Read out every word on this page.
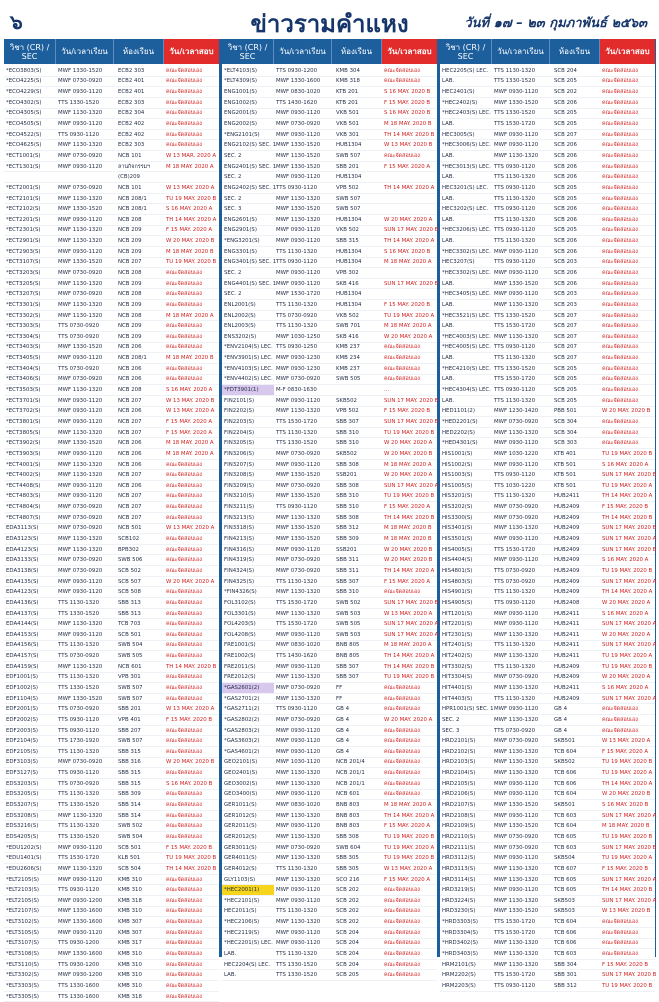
๖	ข่าวรามคำแหง	วันที่ ๑๗ – ๒๓ กุมภาพันธ์ ๒๕๖๓
วิชา (CR) / SEC	วัน/เวลาเรียน	ห้องเรียน	วัน/เวลาสอบ
*ECO3803(S)	MWF 1330-1520	ECB2 303	คณะจัดสอบเอง
*ECO4225(S)	MWF 0730-0920	ECB2 401	คณะจัดสอบเอง
*ECO4229(S)	MWF 0930-1120	ECB2 401	คณะจัดสอบเอง
*ECO4302(S)	TTS 1330-1520	ECB2 303	คณะจัดสอบเอง
*ECO4305(S)	MWF 1130-1320	ECB2 304	คณะจัดสอบเอง
*ECO4505(S)	MWF 0930-1120	ECB2 402	คณะจัดสอบเอง
*ECO4522(S)	TTS 0930-1120	ECB2 402	คณะจัดสอบเอง
*ECO4625(S)	MWF 1130-1320	ECB2 303	คณะจัดสอบเอง
*ECT1001(S)	MWF 0730-0920	NCB 101	W 13 MAR. 2020 A
*ECT1301(S)	MWF 0930-1120	ลานกิจกรรมฯ	M 18 MAY. 2020 A
(CB)209
*ECT2001(S)	MWF 0730-0920	NCB 101	W 13 MAY. 2020 A
*ECT2101(S)	MWF 1130-1320	NCB 208/1	TU 19 MAY. 2020 B
*ECT2102(S)	MWF 1330-1520	NCB 208/1	S 16 MAY. 2020 A
*ECT2201(S)	MWF 0930-1120	NCB 208	TH 14 MAY. 2020 A
*ECT2301(S)	MWF 1130-1320	NCB 209	F 15 MAY. 2020 A
*ECT2901(S)	MWF 1130-1320	NCB 209	W 20 MAY. 2020 B
*ECT2903(S)	MWF 0930-1120	NCB 209	M 18 MAY. 2020 B
*ECT3107(S)	MWF 1330-1520	NCB 207	TU 19 MAY. 2020 B
*ECT3203(S)	MWF 0730-0920	NCB 208	คณะจัดสอบเอง
*ECT3205(S)	MWF 1130-1320	NCB 209	คณะจัดสอบเอง
*ECT3207(S)	MWF 0730-0920	NCB 208	คณะจัดสอบเอง
*ECT3301(S)	MWF 1130-1320	NCB 209	คณะจัดสอบเอง
*ECT3302(S)	MWF 1130-1320	NCB 208	M 18 MAY. 2020 A
*ECT3303(S)	TTS 0730-0920	NCB 209	คณะจัดสอบเอง
*ECT3304(S)	TTS 0730-0920	NCB 209	คณะจัดสอบเอง
*ECT3403(S)	MWF 1330-1520	NCB 206	คณะจัดสอบเอง
*ECT3405(S)	MWF 0930-1120	NCB 208/1	M 18 MAY. 2020 B
*ECT3404(S)	TTS 0730-0920	NCB 206	คณะจัดสอบเอง
*ECT3406(S)	MWF 0730-0920	NCB 206	คณะจัดสอบเอง
*ECT3503(S)	MWF 1130-1320	NCB 208	S 16 MAY. 2020 A
*ECT3701(S)	MWF 0930-1120	NCB 207	W 13 MAY. 2020 B
*ECT3702(S)	MWF 0930-1120	NCB 206	W 13 MAY. 2020 A
*ECT3801(S)	MWF 0930-1120	NCB 207	F 15 MAY. 2020 A
*ECT3805(S)	MWF 1130-1320	NCB 207	F 15 MAY. 2020 A
*ECT3902(S)	MWF 1330-1520	NCB 206	M 18 MAY. 2020 A
*ECT3903(S)	MWF 0930-1120	NCB 206	M 18 MAY. 2020 A
*ECT4001(S)	MWF 1130-1320	NCB 206	คณะจัดสอบเอง
*ECT4002(S)	MWF 1130-1320	NCB 207	คณะจัดสอบเอง
*ECT4408(S)	MWF 0930-1120	NCB 206	คณะจัดสอบเอง
*ECT4803(S)	MWF 0930-1120	NCB 207	คณะจัดสอบเอง
*ECT4804(S)	MWF 0730-0920	NCB 207	คณะจัดสอบเอง
*ECT4807(S)	MWF 0730-0920	NCB 207	คณะจัดสอบเอง
EDA3113(S)	MWF 0730-0920	NCB 501	W 13 MAY. 2020 A
EDA3123(S)	MWF 1130-1320	SCB102	คณะจัดสอบเอง
EDA4123(S)	MWF 1130-1320	BPB302	คณะจัดสอบเอง
EDA3133(S)	MWF 0730-0920	SWB 506	คณะจัดสอบเอง
EDA3138(S)	MWF 0730-0920	SCB 502	คณะจัดสอบเอง
EDA4135(S)	MWF 0930-1120	SCB 507	W 20 MAY. 2020 A
EDA4123(S)	MWF 0930-1120	SCB 508	คณะจัดสอบเอง
EDA4136(S)	TTS 1130-1320	SBB 313	คณะจัดสอบเอง
EDA4137(S)	TTS 1330-1520	SBB 313	คณะจัดสอบเอง
EDA4144(S)	MWF 1130-1320	TCB 703	คณะจัดสอบเอง
EDA4153(S)	MWF 0930-1120	SCB 501	คณะจัดสอบเอง
EDA4156(S)	TTS 1130-1320	SWB 504	คณะจัดสอบเอง
EDA4157(S)	TTS 0730-0920	SWB 505	คณะจัดสอบเอง
EDA4159(S)	MWF 1130-1320	NCB 601	TH 14 MAY. 2020 B
EDF1001(S)	TTS 1130-1320	VPB 301	คณะจัดสอบเอง
EDF1002(S)	TTS 1330-1520	SWB 507	คณะจัดสอบเอง
EDF1104(S)	MWF 1330-1520	SWB 507	คณะจัดสอบเอง
EDF2001(S)	TTS 0730-0920	SBB 201	W 13 MAY. 2020 A
EDF2002(S)	TTS 0930-1120	VPB 401	F 15 MAY. 2020 B
EDF2003(S)	TTS 0930-1120	SBB 207	คณะจัดสอบเอง
EDF2104(S)	TTS 1730-1920	SWB 507	คณะจัดสอบเอง
EDF2105(S)	TTS 1130-1320	SBB 315	คณะจัดสอบเอง
EDF3103(S)	MWF 0730-0920	SBB 316	W 20 MAY. 2020 B
EDF3127(S)	TTS 0930-1120	SBB 315	คณะจัดสอบเอง
EDS3203(S)	TTS 0730-0920	SBB 315	S 16 MAY. 2020 B
EDS3205(S)	TTS 1130-1320	SBB 309	คณะจัดสอบเอง
EDS3207(S)	TTS 1330-1520	SBB 314	คณะจัดสอบเอง
EDS3208(S)	MWF 1130-1320	SBB 314	คณะจัดสอบเอง
EDS3216(S)	TTS 1130-1320	SWB 502	คณะจัดสอบเอง
EDS4205(S)	TTS 1330-1520	SWB 504	คณะจัดสอบเอง
*EDU1202(S)	MWF 0930-1120	SCB 501	F 15 MAY. 2020 B
*EDU1401(S)	TTS 1530-1720	KLB 501	TU 19 MAY. 2020 B
*EDU2606(S)	MWF 1130-1320	SCB 504	TH 14 MAY. 2020 B
*ELT2105(S)	MWF 0930-1120	KMB 310	คณะจัดสอบเอง
*ELT2103(S)	TTS 0930-1120	KMB 310	คณะจัดสอบเอง
*ELT2105(S)	MWF 0930-1200	KMB 318	คณะจัดสอบเอง
*ELT2107(S)	MWF 1330-1600	KMB 310	คณะจัดสอบเอง
*ELT3102(S)	MWF 1330-1600	KMB 307	คณะจัดสอบเอง
*ELT3105(S)	MWF 0930-1120	KMB 307	คณะจัดสอบเอง
*ELT3107(S)	TTS 0930-1200	KMB 317	คณะจัดสอบเอง
*ELT3108(S)	MWF 1330-1600	KMB 310	คณะจัดสอบเอง
*ELT3110(S)	TTS 0930-1200	KMB 310	คณะจัดสอบเอง
*ELT3302(S)	MWF 0930-1200	KMB 310	คณะจัดสอบเอง
*ELT3303(S)	TTS 1330-1600	KMB 310	คณะจัดสอบเอง
*ELT3305(S)	TTS 1330-1600	KMB 318	คณะจัดสอบเอง
วิชา (CR) / SEC	วัน/เวลาเรียน	ห้องเรียน	วัน/เวลาสอบ
*ELT4103(S)	TTS 0930-1200	KMB 304	คณะจัดสอบเอง
*ELT4309(S)	MWF 1330-1600	KMB 318	คณะจัดสอบเอง
ENG1001(S)	MWF 0830-1020	KTB 201	S 16 MAY. 2020 B
ENG1002(S)	TTS 1430-1620	KTB 201	F 15 MAY. 2020 B
ENG2001(S)	MWF 0930-1120	VKB 501	S 16 MAY. 2020 B
ENG2002(S)	MWF 0730-0920	VKB 501	M 18 MAY. 2020 B
*ENG2101(S)	MWF 0930-1120	VKB 301	TH 14 MAY. 2020 B
ENG2102(S) SEC. 1 MWF 1330-1520	HUB1304	W 13 MAY. 2020 B
SEC. 2	MWF 1130-1520	SWB 507	คณะจัดสอบเอง
ENG2401(S) SEC. 1 MWF 1330-1520	SBB 201	F 15 MAY. 2020 A
SEC. 2	MWF 0930-1120	HUB1304
ENG2402(S) SEC. 1 TTS 0930-1120	VPB 502	TH 14 MAY. 2020 A
SEC. 2	MWF 1130-1320	SWB 507
SEC. 3	MWF 1330-1520	SWB 507
ENG2601(S)	MWF 1130-1320	HUB1304	W 20 MAY. 2020 A
ENG2901(S)	MWF 0930-1120	VKB 502	SUN 17 MAY. 2020 B
*ENG3201(S)	MWF 0930-1120	SBB 315	TH 14 MAY. 2020 A
ENG3301(S)	TTS 1130-1320	HUB1304	S 16 MAY. 2020 B
ENG3401(S) SEC. 1 TTS 0930-1120	HUB1304	M 18 MAY. 2020 A
SEC. 2	MWF 0930-1120	VPB 302
ENG4401(S) SEC. 1 MWF 0930-1120	SKB 416	SUN 17 MAY. 2020 B
SEC. 2	MWF 1530-1720	HUB1304
ENL2001(S)	TTS 1130-1320	HUB1304	F 15 MAY. 2020 B
ENL2002(S)	TTS 0730-0920	VKB 502	TU 19 MAY. 2020 A
ENL2003(S)	TTS 1130-1320	SWB 701	M 18 MAY. 2020 A
ENS3202(S)	MWF 1030-1250	SKB 416	W 20 MAY. 2020 A
*ENV2104(S) LEC. TTS 0930-1250	KMB 237	คณะจัดสอบเอง
*ENV3901(S) LEC. MWF 0930-1230	KMB 234	คณะจัดสอบเอง
*ENV4103(S) LEC. MWF 0930-1230	KMB 237	คณะจัดสอบเอง
*ENV4402(S) LEC. MWF 0730-0920	SWB 505	คณะจัดสอบเอง
*FDT3901(1)	M-F 0830-1630	...
FIN2101(S)	MWF 0930-1120	SKB502	SUN 17 MAY. 2020 B
FIN2202(S)	MWF 1130-1320	VPB 502	F 15 MAY. 2020 B
FIN2203(S)	TTS 1530-1720	SBB 307	SUN 17 MAY. 2020 B
FIN2204(S)	TTS 1130-1320	SBB 310	TU 19 MAY. 2020 B
FIN3205(S)	TTS 1330-1520	SBB 310	W 20 MAY. 2020 A
FIN3206(S)	MWF 0730-0920	SKB502	W 20 MAY. 2020 B
FIN3207(S)	MWF 0930-1120	SBB 308	M 18 MAY. 2020 A
FIN3208(S)	MWF 1330-1520	SSB201	W 20 MAY. 2020 A
FIN3209(S)	MWF 0730-0920	SBB 308	SUN 17 MAY. 2020 A
FIN3210(S)	MWF 1330-1520	SBB 310	TU 19 MAY. 2020 B
FIN3211(S)	TTS 0930-1120	SBB 310	F 15 MAY. 2020 A
FIN3213(S)	MWF 1130-1320	SBB 308	TH 14 MAY. 2020 B
FIN3318(S)	MWF 1330-1520	SBB 312	M 18 MAY. 2020 B
FIN4213(S)	MWF 1330-1520	SBB 309	M 18 MAY. 2020 B
FIN4316(S)	MWF 0930-1120	SSB201	W 20 MAY. 2020 B
FIN4319(S)	MWF 0730-0920	SBB 311	W 20 MAY. 2020 B
FIN4324(S)	MWF 0730-0920	SBB 311	TH 14 MAY. 2020 A
FIN4325(S)	TTS 1130-1320	SBB 307	F 15 MAY. 2020 A
*FIN4326(S)	MWF 1130-1320	SBB 310	คณะจัดสอบเอง
FOL3102(S)	TTS 1530-1720	SWB 502	SUN 17 MAY. 2020 B
FOL3301(S)	MWF 1130-1320	SWB 503	W 13 MAY. 2020 A
FOL4203(S)	TTS 1530-1720	SWB 505	SUN 17 MAY. 2020 A
FOL4208(S)	MWF 0930-1120	SWB 503	SUN 17 MAY. 2020 A
FRE1001(S)	MWF 0830-1020	BNB 805	M 18 MAY. 2020 A
FRE1002(S)	TTS 1430-1620	BNB 805	TH 14 MAY. 2020 A
FRE2011(S)	MWF 0930-1120	SBB 307	TH 14 MAY. 2020 B
FRE2012(S)	MWF 1130-1320	SBB 307	TU 19 MAY. 2020 B
*GAS2601(2)	MWF 0730-0920	FF	คณะจัดสอบเอง
*GAS2701(2)	MWF 1130-1320	FF	คณะจัดสอบเอง
*GAS2711(2)	TTS 0930-1120	GB 4	คณะจัดสอบเอง
*GAS2802(2)	MWF 0730-0920	GB 4	W 20 MAY. 2020 A
*GAS2803(2)	MWF 0930-1120	GB 4	คณะจัดสอบเอง
*GAS3603(2)	MWF 0930-1120	GB 4	คณะจัดสอบเอง
*GAS4601(2)	MWF 0930-1120	GB 4	คณะจัดสอบเอง
GEO2101(S)	MWF 1030-1120	NCB 201/4	คณะจัดสอบเอง
GEO2401(S)	MWF 1130-1320	NCB 201/1	คณะจัดสอบเอง
GEO3002(S)	MWF 1130-1320	NCB 201/1	คณะจัดสอบเอง
GEO3400(S)	MWF 0930-1120	NCB 601	คณะจัดสอบเอง
GER1011(S)	MWF 0830-1020	BNB 803	M 18 MAY. 2020 A
GER1012(S)	MWF 1130-1320	BNB 803	TH 14 MAY. 2020 A
GER2011(S)	MWF 0930-1120	BNB 803	F 15 MAY. 2020 A
GER2012(S)	MWF 1130-1320	SBB 308	TU 19 MAY. 2020 B
GER3011(S)	MWF 0730-0920	SWB 604	TU 19 MAY. 2020 A
GER4011(S)	MWF 1130-1320	SBB 305	TU 19 MAY. 2020 B
GER4012(S)	TTS 1130-1320	SBB 305	W 13 MAY. 2020 A
GLY1103(S)	MWF 1130-1320	SCO 216	F 15 MAY. 2020 A
*HEC2001(1)	MWF 0930-1120	SCB 202	คณะจัดสอบเอง
*HEC2101(S)	MWF 0930-1120	SCB 202	คณะจัดสอบเอง
HEC2011(S)	TTS 1130-1320	SCB 202	คณะจัดสอบเอง
*HEC2106(S)	MWF 1130-1320	SCB 202	คณะจัดสอบเอง
*HEC2119(S)	MWF 0930-1120	SCB 204	คณะจัดสอบเอง
*HEC2201(S) LEC. MWF 0930-1120	SCB 204	คณะจัดสอบเอง
LAB.	TTS 1130-1320	SCB 204	คณะจัดสอบเอง
HEC2204(S) LEC.	TTS 1330-1520	SCB 204	คณะจัดสอบเอง
LAB.	TTS 1330-1520	SCB 205	คณะจัดสอบเอง
วิชา (CR) / SEC	วัน/เวลาเรียน	ห้องเรียน	วัน/เวลาสอบ
HEC2205(S) LEC.	TTS 1130-1320	SCB 204	คณะจัดสอบเอง
LAB.	TTS 1330-1520	SCB 205	คณะจัดสอบเอง
HEC2401(S)	MWF 0930-1120	SCB 202	คณะจัดสอบเอง
*HEC2402(S)	MWF 1330-1520	SCB 206	คณะจัดสอบเอง
*HEC2403(S) LEC. TTS 1330-1520	SCB 205	คณะจัดสอบเอง
LAB.	TTS 1530-1720	SCB 205	คณะจัดสอบเอง
HEC3005(S)	MWF 0930-1120	SCB 207	คณะจัดสอบเอง
*HEC3006(S) LEC. MWF 0930-1120	SCB 206	คณะจัดสอบเอง
LAB.	MWF 1130-1320	SCB 206	คณะจัดสอบเอง
*HEC3013(S) LEC. TTS 0930-1120	SCB 206	คณะจัดสอบเอง
LAB.	TTS 1130-1320	SCB 206	คณะจัดสอบเอง
HEC3201(S) LEC.	TTS 0930-1120	SCB 205	คณะจัดสอบเอง
LAB.	TTS 1130-1320	SCB 205	คณะจัดสอบเอง
HEC3202(S) LEC.	TTS 0930-1120	SCB 206	คณะจัดสอบเอง
LAB.	TTS 1130-1320	SCB 206	คณะจัดสอบเอง
*HEC3206(S) LEC. TTS 0930-1120	SCB 205	คณะจัดสอบเอง
LAB.	TTS 1130-1320	SCB 206	คณะจัดสอบเอง
*HEC3302(S) LEC. MWF 0930-1120	SCB 206	คณะจัดสอบเอง
HEC3207(S)	TTS 0930-1120	SCB 203	คณะจัดสอบเอง
*HEC3302(S) LEC. MWF 0930-1120	SCB 206	คณะจัดสอบเอง
LAB.	MWF 1330-1520	SCB 206	คณะจัดสอบเอง
*HEC3405(S) LEC. MWF 0930-1120	SCB 203	คณะจัดสอบเอง
LAB.	MWF 1130-1320	SCB 203	คณะจัดสอบเอง
*HEC3521(S) LEC. TTS 1330-1520	SCB 207	คณะจัดสอบเอง
LAB.	TTS 1530-1720	SCB 207	คณะจัดสอบเอง
*HEC4003(S) LEC. MWF 1130-1320	SCB 207	คณะจัดสอบเอง
*HEC4005(S) LEC. TTS 0930-1120	SCB 207	คณะจัดสอบเอง
LAB.	TTS 1130-1320	SCB 207	คณะจัดสอบเอง
*HEC4210(S) LEC. TTS 1330-1520	SCB 205	คณะจัดสอบเอง
LAB.	TTS 1530-1720	SCB 205	คณะจัดสอบเอง
*HEC4304(S) LEC. TTS 0930-1120	SCB 205	คณะจัดสอบเอง
LAB.	TTS 1130-1320	SCB 205	คณะจัดสอบเอง
HED1101(2)	MWF 1230-1420	PBB 501	W 20 MAY. 2020 B
*HED2201(S)	MWF 0730-0920	SCB 304	คณะจัดสอบเอง
HED2202(S)	MWF 1130-1320	SCB 304	คณะจัดสอบเอง
*HED4301(S)	MWF 0930-1120	SCB 303	คณะจัดสอบเอง
HIS1001(S)	MWF 1030-1220	KTB 401	TU 19 MAY. 2020 B
HIS1002(S)	MWF 0930-1120	KTB 501	S 16 MAY. 2020 A
HIS1003(S)	TTS 0930-1120	KTB 501	SUN 17 MAY. 2020 B
HIS1005(S)	TTS 1030-1220	KTB 501	TU 19 MAY. 2020 A
HIS3201(S)	TTS 1130-1320	HUB2411	TH 14 MAY. 2020 A
HIS3202(S)	MWF 0730-0920	HUB2409	F 15 MAY. 2020 B
HIS3300(S)	MWF 0730-0920	HUB2409	TH 14 MAY. 2020 B
HIS3401(S)	MWF 1130-1320	HUB2409	SUN 17 MAY. 2020 B
HIS3501(S)	MWF 0930-1120	HUB2409	SUN 17 MAY. 2020 A
HIS4005(S)	TTS 1530-1720	HUB2409	SUN 17 MAY. 2020 B
HIS4404(S)	MWF 0930-1120	HUB2409	S 16 MAY. 2020 A
HIS4801(S)	TTS 0730-0920	HUB2409	TU 19 MAY. 2020 B
HIS4803(S)	TTS 0730-0920	HUB2409	SUN 17 MAY. 2020 A
HIS4901(S)	TTS 1130-1320	HUB2409	TH 14 MAY. 2020 A
HIS4905(S)	TTS 0930-1120	HUB2408	W 20 MAY. 2020 A
HIT1201(S)	MWF 0930-1120	HUB2411	S 16 MAY. 2020 A
HIT2201(S)	MWF 0930-1120	HUB2411	SUN 17 MAY. 2020 A
HIT2301(S)	MWF 1130-1320	HUB2411	W 20 MAY. 2020 A
HIT2401(S)	TTS 1130-1320	HUB2411	SUN 17 MAY. 2020 A
HIT2402(S)	MWF 1130-1320	HUB2411	TU 19 MAY. 2020 A
HIT3302(S)	TTS 1130-1320	HUB2409	TU 19 MAY. 2020 B
HIT3304(S)	MWF 0730-0920	HUB2409	W 20 MAY. 2020 A
HIT4401(S)	MWF 1130-1320	HUB2411	S 16 MAY. 2020 A
HIT4403(S)	TTS 1130-1320	HUB2409	SUN 17 MAY. 2020 A
HPR1001(S) SEC. 1 MWF 0930-1120	GB 4	คณะจัดสอบเอง
SEC. 2	MWF 1130-1320	GB 4	คณะจัดสอบเอง
SEC. 3	TTS 0730-0920	GB 4	คณะจัดสอบเอง
HRD2101(S)	MWF 0730-0920	SKB501	W 13 MAY. 2020 A
HRD2102(S)	MWF 1130-1320	TCB 604	F 15 MAY. 2020 A
HRD2103(S)	MWF 1130-1320	SKB502	TU 19 MAY. 2020 B
HRD2104(S)	MWF 1130-1320	TCB 606	TU 19 MAY. 2020 A
HRD2105(S)	MWF 0930-1120	TCB 606	TH 14 MAY. 2020 A
HRD2106(S)	MWF 0930-1120	TCB 604	W 20 MAY. 2020 B
HRD2107(S)	MWF 1330-1520	SKB501	S 16 MAY. 2020 B
HRD2108(S)	MWF 0930-1120	TCB 603	SUN 17 MAY. 2020 A
HRD2109(S)	MWF 1330-1520	TCB 604	M 18 MAY. 2020 B
HRD2110(S)	MWF 0730-0920	TCB 605	TU 19 MAY. 2020 B
HRD2111(S)	MWF 0730-0920	TCB 603	SUN 17 MAY. 2020 B
HRD3112(S)	MWF 0930-1120	SKB504	TU 19 MAY. 2020 A
HRD3113(S)	MWF 1130-1320	TCB 607	F 15 MAY. 2020 B
HRD3114(S)	MWF 1130-1320	TCB 605	SUN 17 MAY. 2020 A
HRD3219(S)	MWF 0930-1120	TCB 605	TH 14 MAY. 2020 B
HRD3224(S)	MWF 1130-1320	SKB503	SUN 17 MAY. 2020 A
HRD3230(S)	MWF 1330-1520	SKB503	W 13 MAY. 2020 B
*HRD3303(S)	TTS 1530-1720	TCB 604	คณะจัดสอบเอง
*HRD3304(S)	TTS 1530-1720	TCB 606	คณะจัดสอบเอง
*HRD3402(S)	MWF 1130-1320	TCB 606	คณะจัดสอบเอง
*HRD3403(S)	MWF 1130-1320	TCB 603	คณะจัดสอบเอง
HRM2101(S)	MWF 1130-1320	SBB 304	F 15 MAY. 2020 B
HRM2202(S)	TTS 1530-1720	SBB 301	SUN 17 MAY. 2020 B
HRM2203(S)	TTS 0930-1120	SBB 312	TU 19 MAY. 2020 B
